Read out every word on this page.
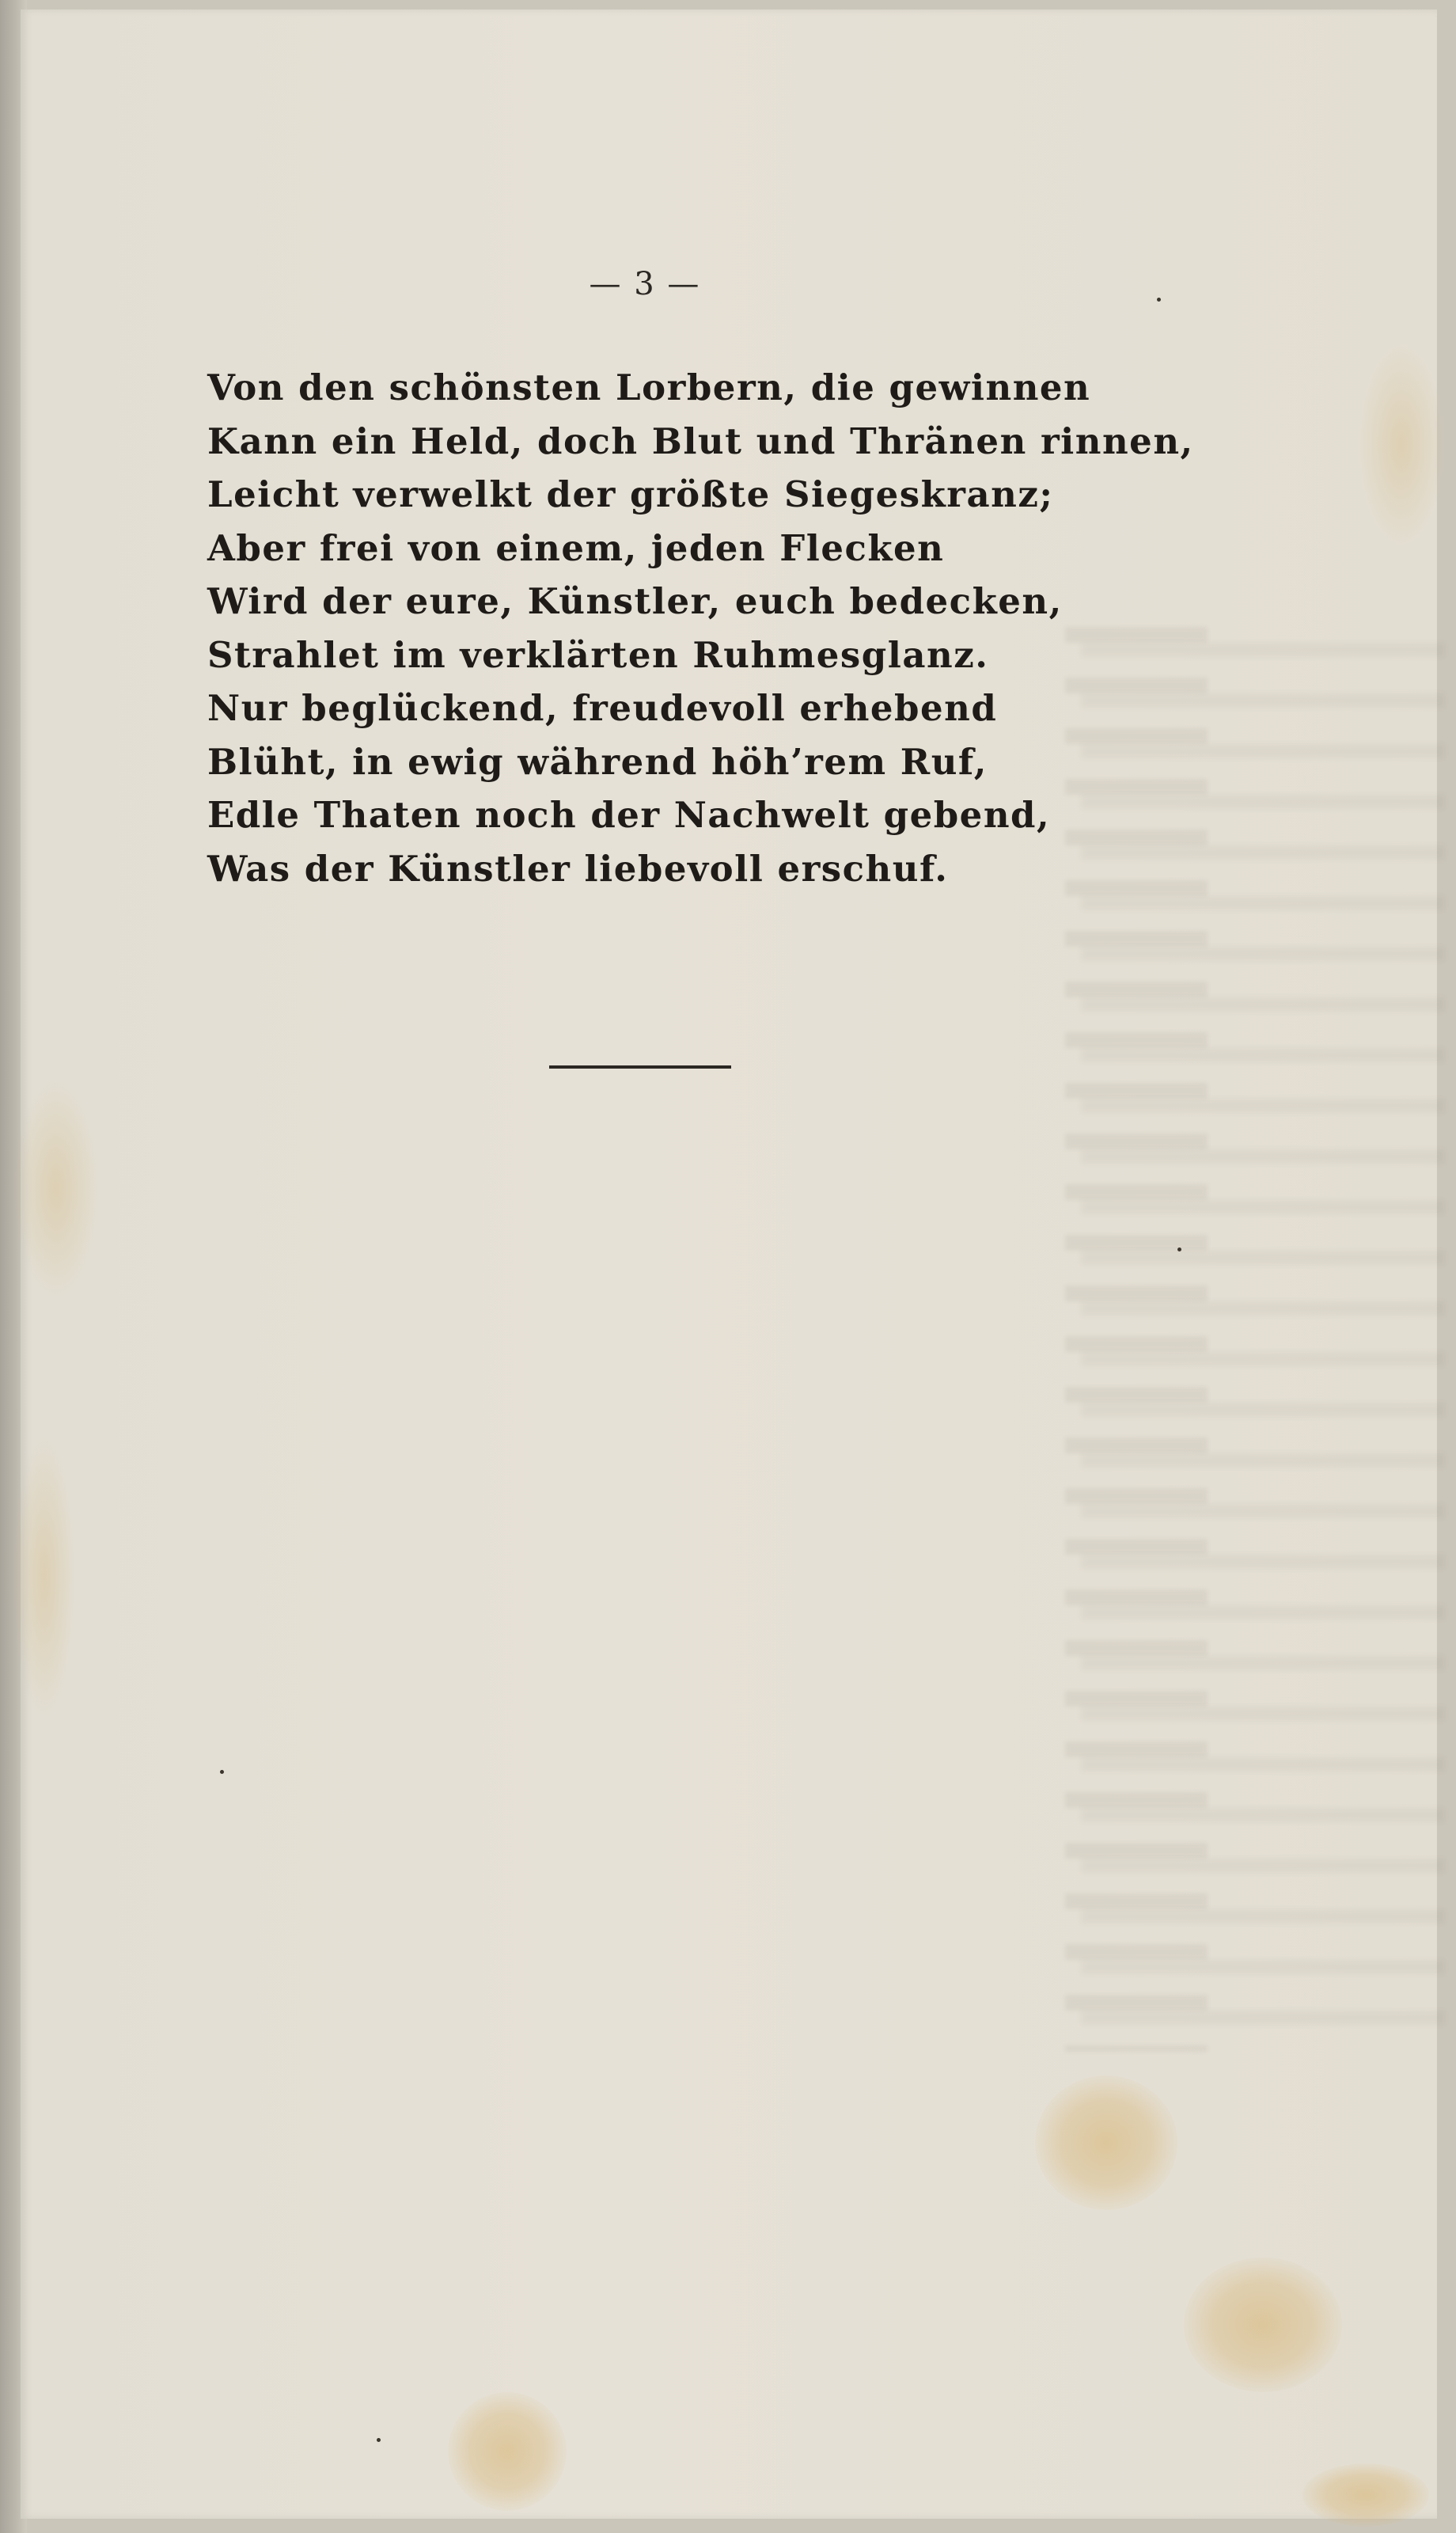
— 3 —
Von den schönsten Lorbern, die gewinnen
Kann ein Held, doch Blut und Thränen rinnen,
Leicht verwelkt der größte Siegeskranz;
Aber frei von einem, jeden Flecken
Wird der eure, Künstler, euch bedecken,
Strahlet im verklärten Ruhmesglanz.
Nur beglückend, freudevoll erhebend
Blüht, in ewig während höh’rem Ruf,
Edle Thaten noch der Nachwelt gebend,
Was der Künstler liebevoll erschuf.
